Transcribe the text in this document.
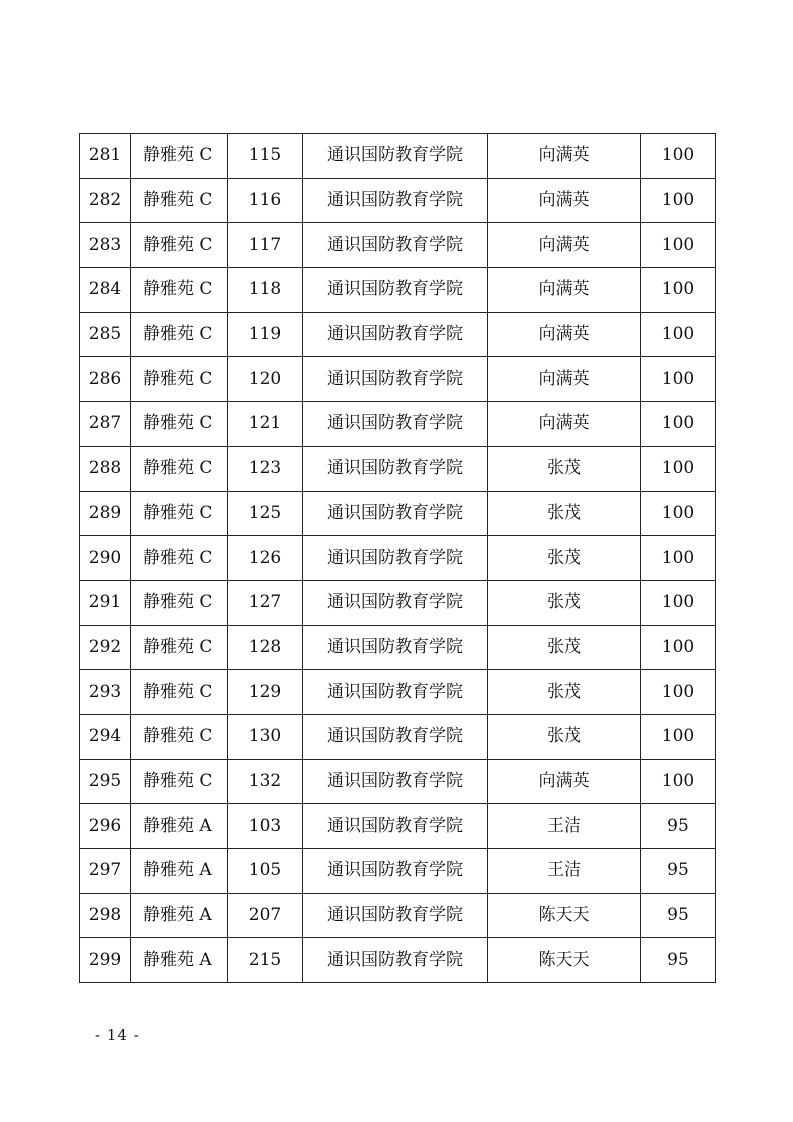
281	静雅苑 C	115	通识国防教育学院	向满英	100
282	静雅苑 C	116	通识国防教育学院	向满英	100
283	静雅苑 C	117	通识国防教育学院	向满英	100
284	静雅苑 C	118	通识国防教育学院	向满英	100
285	静雅苑 C	119	通识国防教育学院	向满英	100
286	静雅苑 C	120	通识国防教育学院	向满英	100
287	静雅苑 C	121	通识国防教育学院	向满英	100
288	静雅苑 C	123	通识国防教育学院	张茂	100
289	静雅苑 C	125	通识国防教育学院	张茂	100
290	静雅苑 C	126	通识国防教育学院	张茂	100
291	静雅苑 C	127	通识国防教育学院	张茂	100
292	静雅苑 C	128	通识国防教育学院	张茂	100
293	静雅苑 C	129	通识国防教育学院	张茂	100
294	静雅苑 C	130	通识国防教育学院	张茂	100
295	静雅苑 C	132	通识国防教育学院	向满英	100
296	静雅苑 A	103	通识国防教育学院	王洁	95
297	静雅苑 A	105	通识国防教育学院	王洁	95
298	静雅苑 A	207	通识国防教育学院	陈天天	95
299	静雅苑 A	215	通识国防教育学院	陈天天	95
- 14 -
